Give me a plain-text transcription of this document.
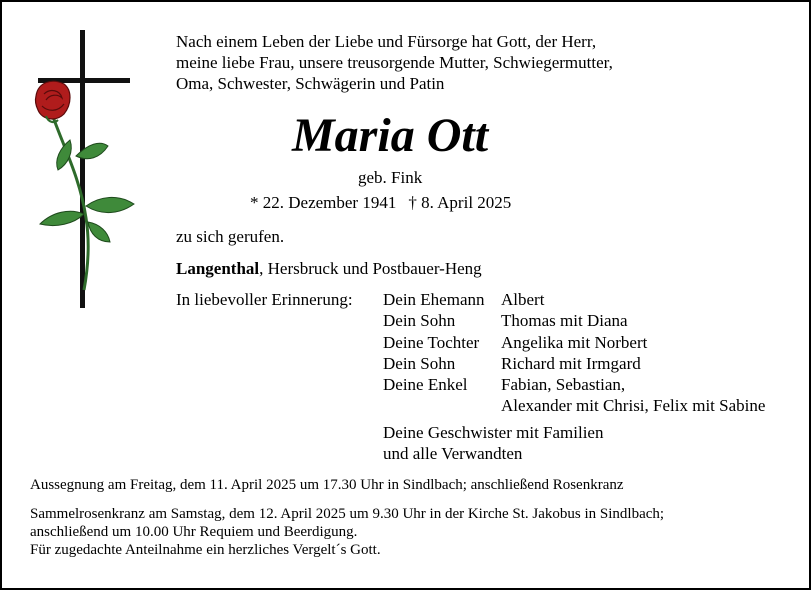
Nach einem Leben der Liebe und Fürsorge hat Gott, der Herr,
meine liebe Frau, unsere treusorgende Mutter, Schwiegermutter,
Oma, Schwester, Schwägerin und Patin
Maria Ott
geb. Fink
* 22. Dezember 1941 † 8. April 2025
zu sich gerufen.
Langenthal, Hersbruck und Postbauer-Heng
In liebevoller Erinnerung: Dein Ehemann Albert
Dein Sohn	Thomas mit Diana
Deine Tochter	Angelika mit Norbert
Dein Sohn	Richard mit Irmgard
Deine Enkel	Fabian, Sebastian,
Alexander mit Chrisi, Felix mit Sabine
Deine Geschwister mit Familien
und alle Verwandten
Aussegnung am Freitag, dem 11. April 2025 um 17.30 Uhr in Sindlbach; anschließend Rosenkranz
Sammelrosenkranz am Samstag, dem 12. April 2025 um 9.30 Uhr in der Kirche St. Jakobus in Sindlbach;
anschließend um 10.00 Uhr Requiem und Beerdigung.
Für zugedachte Anteilnahme ein herzliches Vergelt´s Gott.
